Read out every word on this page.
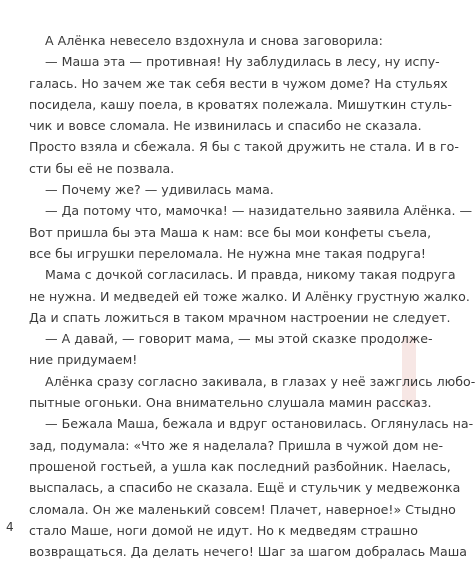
А Алёнка невесело вздохнула и снова заговорила:
— Маша эта — противная! Ну заблудилась в лесу, ну испу-
галась. Но зачем же так себя вести в чужом доме? На стульях
посидела, кашу поела, в кроватях полежала. Мишуткин стуль-
чик и вовсе сломала. Не извинилась и спасибо не сказала.
Просто взяла и сбежала. Я бы с такой дружить не стала. И в го-
сти бы её не позвала.
— Почему же? — удивилась мама.
— Да потому что, мамочка! — назидательно заявила Алёнка. —
Вот пришла бы эта Маша к нам: все бы мои конфеты съела,
все бы игрушки переломала. Не нужна мне такая подруга!
Мама с дочкой согласилась. И правда, никому такая подруга
не нужна. И медведей ей тоже жалко. И Алёнку грустную жалко.
Да и спать ложиться в таком мрачном настроении не следует.
— А давай, — говорит мама, — мы этой сказке продолже-
ние придумаем!
Алёнка сразу согласно закивала, в глазах у неё зажглись любо-
пытные огоньки. Она внимательно слушала мамин рассказ.
— Бежала Маша, бежала и вдруг остановилась. Оглянулась на-
зад, подумала: «Что же я наделала? Пришла в чужой дом не-
прошеной гостьей, а ушла как последний разбойник. Наелась,
выспалась, а спасибо не сказала. Ещё и стульчик у медвежонка
сломала. Он же маленький совсем! Плачет, наверное!» Стыдно
стало Маше, ноги домой не идут. Но к медведям страшно
возвращаться. Да делать нечего! Шаг за шагом добралась Маша
4
